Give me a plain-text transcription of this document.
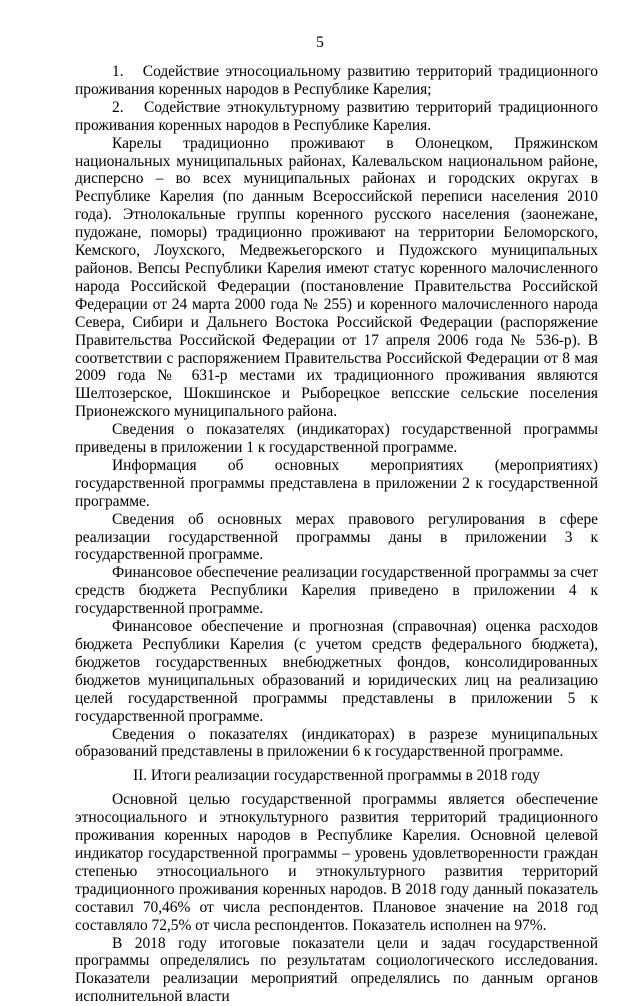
5

1.   Содействие этносоциальному развитию территорий традиционного проживания коренных народов в Республике Карелия;

2.   Содействие этнокультурному развитию территорий традиционного проживания коренных народов в Республике Карелия.

Карелы традиционно проживают в Олонецком, Пряжинском национальных муниципальных районах, Калевальском национальном районе, дисперсно – во всех муниципальных районах и городских округах в Республике Карелия (по данным Всероссийской переписи населения 2010 года). Этнолокальные группы коренного русского населения (заонежане, пудожане, поморы) традиционно проживают на территории Беломорского, Кемского, Лоухского, Медвежьегорского и Пудожского муниципальных районов. Вепсы Республики Карелия имеют статус коренного малочисленного народа Российской Федерации (постановление Правительства Российской Федерации от 24 марта 2000 года № 255) и коренного малочисленного народа Севера, Сибири и Дальнего Востока Российской Федерации (распоряжение Правительства Российской Федерации от 17 апреля 2006 года № 536-р). В соответствии с распоряжением Правительства Российской Федерации от 8 мая 2009 года № 631-р местами их традиционного проживания являются Шелтозерское, Шокшинское и Рыборецкое вепсские сельские поселения Прионежского муниципального района.

Сведения о показателях (индикаторах) государственной программы приведены в приложении 1 к государственной программе.

Информация об основных мероприятиях (мероприятиях) государственной программы представлена в приложении 2 к государственной программе.

Сведения об основных мерах правового регулирования в сфере реализации государственной программы даны в приложении 3 к государственной программе.

Финансовое обеспечение реализации государственной программы за счет средств бюджета Республики Карелия приведено в приложении 4 к государственной программе.

Финансовое обеспечение и прогнозная (справочная) оценка расходов бюджета Республики Карелия (с учетом средств федерального бюджета), бюджетов государственных внебюджетных фондов, консолидированных бюджетов муниципальных образований и юридических лиц на реализацию целей государственной программы представлены в приложении 5 к государственной программе.

Сведения о показателях (индикаторах) в разрезе муниципальных образований представлены в приложении 6 к государственной программе.

II. Итоги реализации государственной программы в 2018 году

Основной целью государственной программы является обеспечение этносоциального и этнокультурного развития территорий традиционного проживания коренных народов в Республике Карелия. Основной целевой индикатор государственной программы – уровень удовлетворенности граждан степенью этносоциального и этнокультурного развития территорий традиционного проживания коренных народов. В 2018 году данный показатель составил 70,46% от числа респондентов. Плановое значение на 2018 год составляло 72,5% от числа респондентов. Показатель исполнен на 97%.

В 2018 году итоговые показатели цели и задач государственной программы определялись по результатам социологического исследования. Показатели реализации мероприятий определялись по данным органов исполнительной власти
